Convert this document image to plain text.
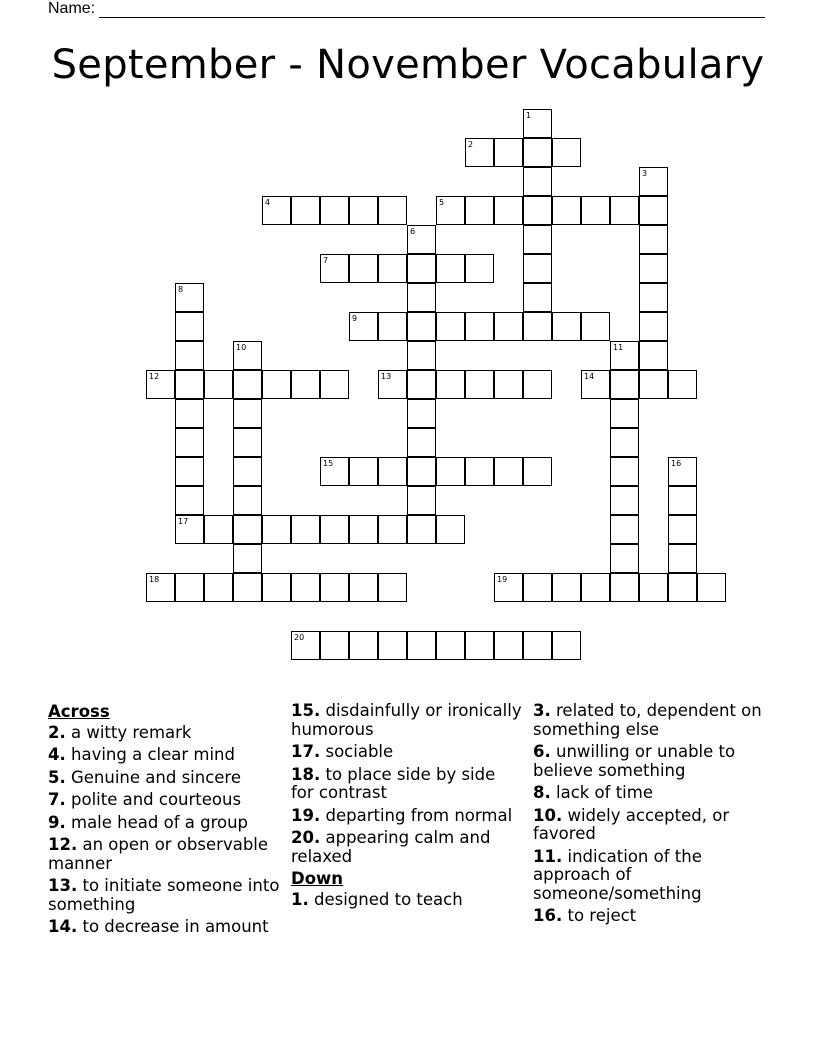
Name:
September - November Vocabulary
1
2
3
4	5
6
7
8
9
10	11
12	13	14
15	16
17
18	19
20
Across
2. a witty remark
4. having a clear mind
5. Genuine and sincere
7. polite and courteous
9. male head of a group
12. an open or observable manner
13. to initiate someone into something
14. to decrease in amount
15. disdainfully or ironically humorous
17. sociable
18. to place side by side for contrast
19. departing from normal
20. appearing calm and relaxed
Down
1. designed to teach
3. related to, dependent on something else
6. unwilling or unable to believe something
8. lack of time
10. widely accepted, or favored
11. indication of the approach of someone/something
16. to reject
